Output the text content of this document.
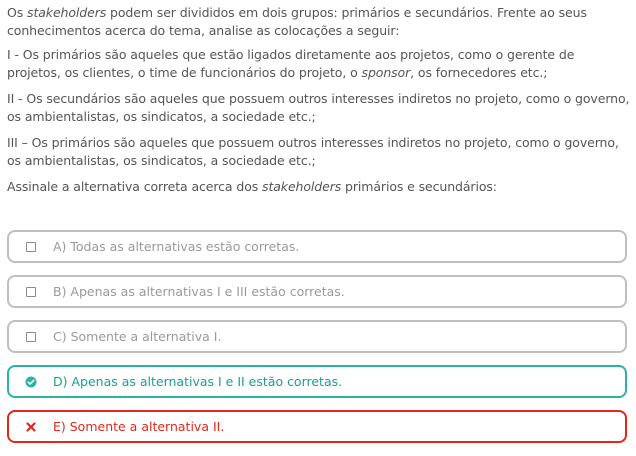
Os stakeholders podem ser divididos em dois grupos: primários e secundários. Frente ao seus conhecimentos acerca do tema, analise as colocações a seguir:

I - Os primários são aqueles que estão ligados diretamente aos projetos, como o gerente de projetos, os clientes, o time de funcionários do projeto, o sponsor, os fornecedores etc.;

II - Os secundários são aqueles que possuem outros interesses indiretos no projeto, como o governo, os ambientalistas, os sindicatos, a sociedade etc.;

III – Os primários são aqueles que possuem outros interesses indiretos no projeto, como o governo, os ambientalistas, os sindicatos, a sociedade etc.;

Assinale a alternativa correta acerca dos stakeholders primários e secundários:

A) Todas as alternativas estão corretas.
B) Apenas as alternativas I e III estão corretas.
C) Somente a alternativa I.
D) Apenas as alternativas I e II estão corretas.
E) Somente a alternativa II.
